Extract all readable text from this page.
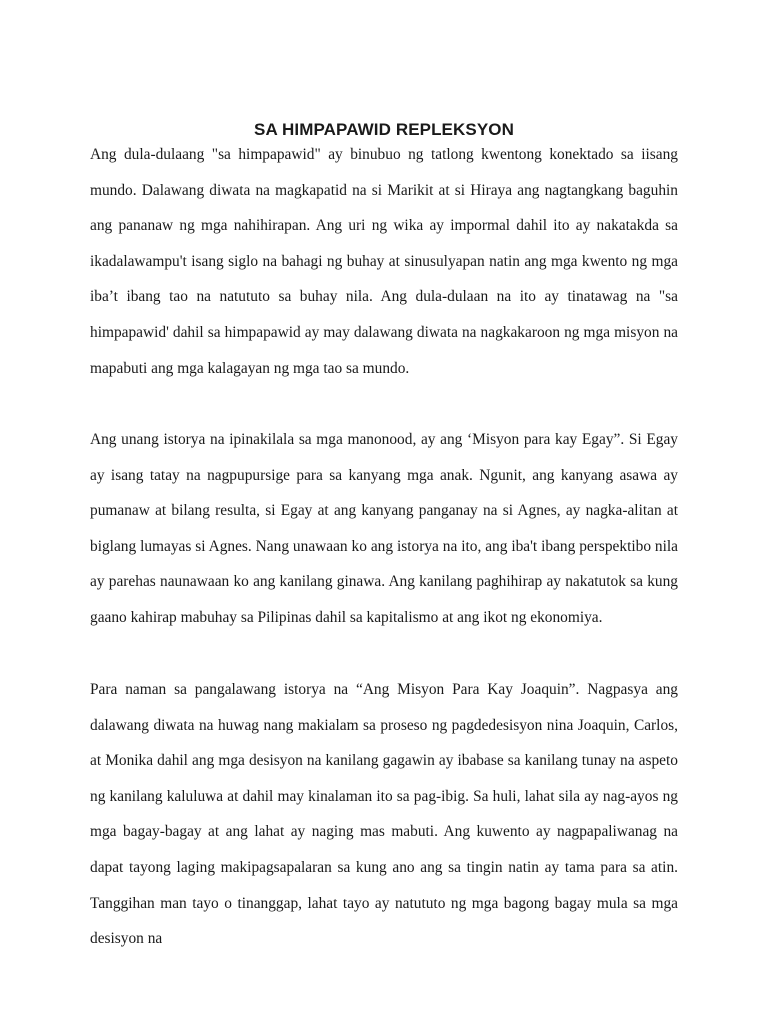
SA HIMPAPAWID REPLEKSYON

Ang dula-dulaang "sa himpapawid" ay binubuo ng tatlong kwentong konektado sa iisang mundo. Dalawang diwata na magkapatid na si Marikit at si Hiraya ang nagtangkang baguhin ang pananaw ng mga nahihirapan. Ang uri ng wika ay impormal dahil ito ay nakatakda sa ikadalawampu't isang siglo na bahagi ng buhay at sinusulyapan natin ang mga kwento ng mga iba’t ibang tao na natututo sa buhay nila. Ang dula-dulaan na ito ay tinatawag na "sa himpapawid' dahil sa himpapawid ay may dalawang diwata na nagkakaroon ng mga misyon na mapabuti ang mga kalagayan ng mga tao sa mundo.

Ang unang istorya na ipinakilala sa mga manonood, ay ang ‘Misyon para kay Egay”. Si Egay ay isang tatay na nagpupursige para sa kanyang mga anak. Ngunit, ang kanyang asawa ay pumanaw at bilang resulta, si Egay at ang kanyang panganay na si Agnes, ay nagka-alitan at biglang lumayas si Agnes. Nang unawaan ko ang istorya na ito, ang iba't ibang perspektibo nila ay parehas naunawaan ko ang kanilang ginawa. Ang kanilang paghihirap ay nakatutok sa kung gaano kahirap mabuhay sa Pilipinas dahil sa kapitalismo at ang ikot ng ekonomiya.

Para naman sa pangalawang istorya na “Ang Misyon Para Kay Joaquin”. Nagpasya ang dalawang diwata na huwag nang makialam sa proseso ng pagdedesisyon nina Joaquin, Carlos, at Monika dahil ang mga desisyon na kanilang gagawin ay ibabase sa kanilang tunay na aspeto ng kanilang kaluluwa at dahil may kinalaman ito sa pag-ibig. Sa huli, lahat sila ay nag-ayos ng mga bagay-bagay at ang lahat ay naging mas mabuti. Ang kuwento ay nagpapaliwanag na dapat tayong laging makipagsapalaran sa kung ano ang sa tingin natin ay tama para sa atin. Tanggihan man tayo o tinanggap, lahat tayo ay natututo ng mga bagong bagay mula sa mga desisyon na
